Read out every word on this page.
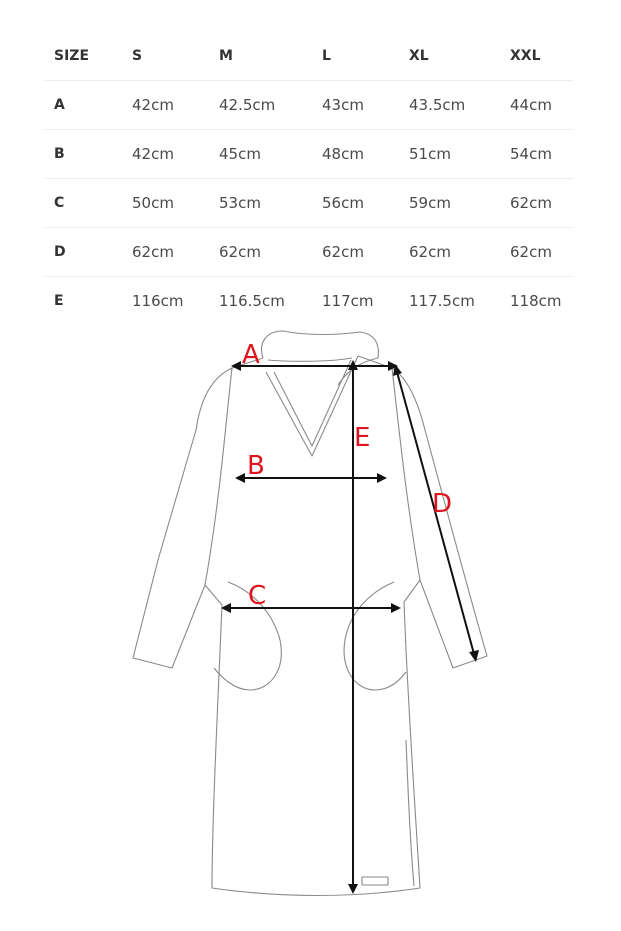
SIZE	S	M	L	XL	XXL
A	42cm	42.5cm	43cm	43.5cm	44cm
B	42cm	45cm	48cm	51cm	54cm
C	50cm	53cm	56cm	59cm	62cm
D	62cm	62cm	62cm	62cm	62cm
E	116cm	116.5cm	117cm	117.5cm	118cm
A
B
C
D
E
